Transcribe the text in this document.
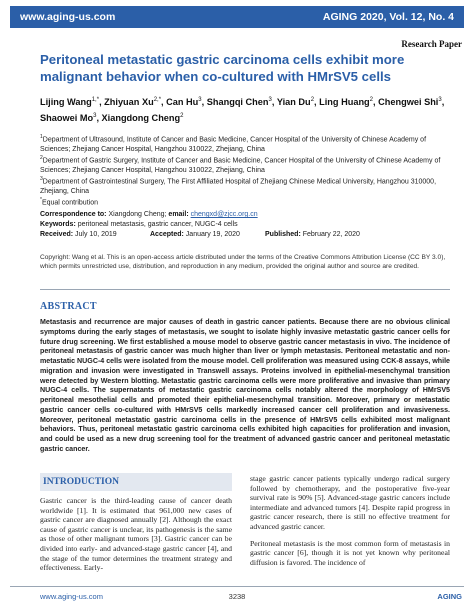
www.aging-us.com	AGING 2020, Vol. 12, No. 4
Research Paper
Peritoneal metastatic gastric carcinoma cells exhibit more malignant behavior when co-cultured with HMrSV5 cells
Lijing Wang$^{1,*}$, Zhiyuan $Xu^{2,*}$, Can Hu$^3$, Shangqi Chen$^3$, Yian Du$^2$, Ling Huang$^2$, Chengwei Shi$^3$, Shaowei Mo$^3$, Xiangdong Cheng$^2$

$^1$Department of Ultrasound, Institute of Cancer and Basic Medicine, Cancer Hospital of the University of Chinese Academy of Sciences; Zhejiang Cancer Hospital, Hangzhou 310022, Zhejiang, China

$^2$Department of Gastric Surgery, Institute of Cancer and Basic Medicine, Cancer Hospital of the University of Chinese Academy of Sciences; Zhejiang Cancer Hospital, Hangzhou 310022, Zhejiang, China

$^3$Department of Gastrointestinal Surgery, The First Affiliated Hospital of Zhejiang Chinese Medical University, Hangzhou 310000, Zhejiang, China

*Equal contribution

Correspondence to: Xiangdong Cheng; email: chengxd@zjcc.org.cn
Keywords: peritoneal metastasis, gastric cancer, NUGC-4 cells
Received: July 10, 2019	Accepted: January 19, 2020	Published: February 22, 2020
Copyright: Wang et al. This is an open-access article distributed under the terms of the Creative Commons Attribution License (CC BY 3.0), which permits unrestricted use, distribution, and reproduction in any medium, provided the original author and source are credited.
ABSTRACT
Metastasis and recurrence are major causes of death in gastric cancer patients. Because there are no obvious clinical symptoms during the early stages of metastasis, we sought to isolate highly invasive metastatic gastric cancer cells for future drug screening. We first established a mouse model to observe gastric cancer metastasis in vivo. The incidence of peritoneal metastasis of gastric cancer was much higher than liver or lymph metastasis. Peritoneal metastatic and non-metastatic NUGC-4 cells were isolated from the mouse model. Cell proliferation was measured using CCK-8 assays, while migration and invasion were investigated in Transwell assays. Proteins involved in epithelial-mesenchymal transition were detected by Western blotting. Metastatic gastric carcinoma cells were more proliferative and invasive than primary NUGC-4 cells. The supernatants of metastatic gastric carcinoma cells notably altered the morphology of HMrSV5 peritoneal mesothelial cells and promoted their epithelial-mesenchymal transition. Moreover, primary or metastatic gastric cancer cells co-cultured with HMrSV5 cells markedly increased cancer cell proliferation and invasiveness. Moreover, peritoneal metastatic gastric carcinoma cells in the presence of HMrSV5 cells exhibited most malignant behaviors. Thus, peritoneal metastatic gastric carcinoma cells exhibited high capacities for proliferation and invasion, and could be used as a new drug screening tool for the treatment of advanced gastric cancer and peritoneal metastatic gastric cancer.
INTRODUCTION

Gastric cancer is the third-leading cause of cancer death worldwide [1]. It is estimated that 961,000 new cases of gastric cancer are diagnosed annually [2]. Although the exact cause of gastric cancer is unclear, its pathogenesis is the same as those of other malignant tumors [3]. Gastric cancer can be divided into early- and advanced-stage gastric cancer [4], and the stage of the tumor determines the treatment strategy and effectiveness. Early-

stage gastric cancer patients typically undergo radical surgery followed by chemotherapy, and the postoperative five-year survival rate is 90% [5]. Advanced-stage gastric cancers include intermediate and advanced tumors [4]. Despite rapid progress in gastric cancer research, there is still no effective treatment for advanced gastric cancer.

Peritoneal metastasis is the most common form of metastasis in gastric cancer [6], though it is not yet known why peritoneal diffusion is favored. The incidence of

www.aging-us.com	3238	AGING
